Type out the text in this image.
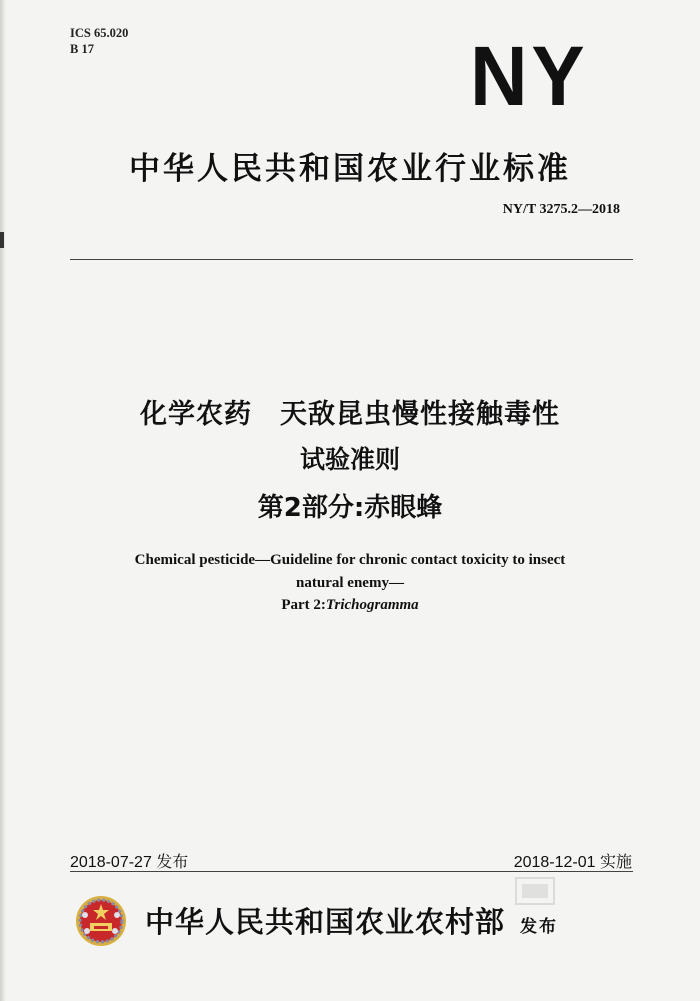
ICS 65.020
B 17	NY
中华人民共和国农业行业标准
NY/T 3275.2—2018
化学农药　天敌昆虫慢性接触毒性
试验准则
第2部分:赤眼蜂
Chemical pesticide—Guideline for chronic contact toxicity to insect
natural enemy—
Part 2:Trichogramma
2018-07-27 发布	2018-12-01 实施
中华人民共和国农业农村部 发布
